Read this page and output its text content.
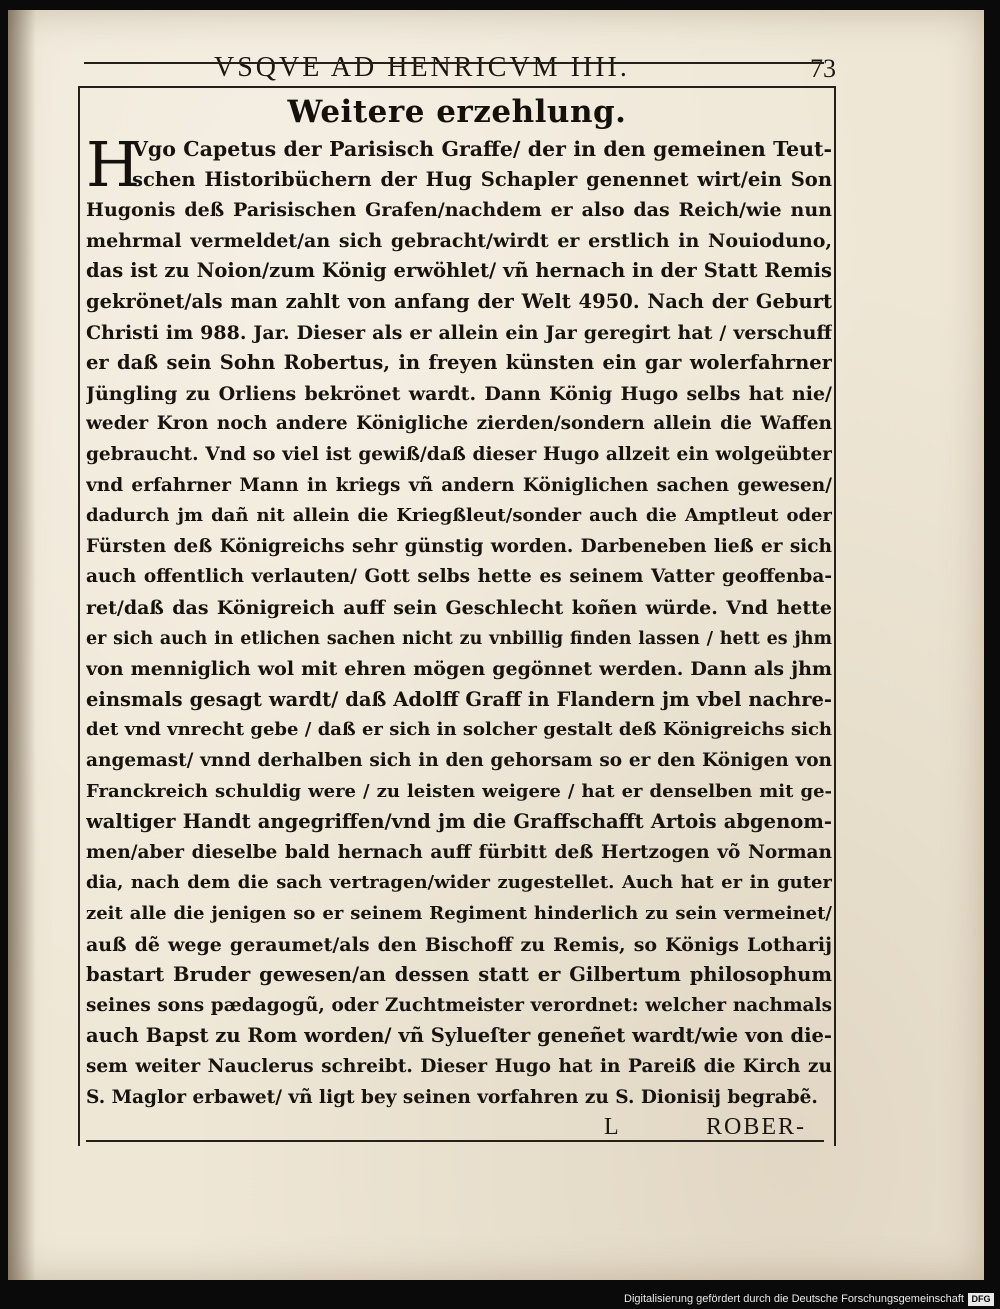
VSQVE AD HENRICVM IIII.	73
Weitere erzehlung.
H
Vgo Capetus der Parisisch Graffe/ der in den gemeinen Teut-
schen Historibüchern der Hug Schapler genennet wirt/ein Son
Hugonis deß Parisischen Grafen/nachdem er also das Reich/wie nun
mehrmal vermeldet/an sich gebracht/wirdt er erstlich in Nouioduno,
das ist zu Noion/zum König erwöhlet/ vñ hernach in der Statt Remis
gekrönet/als man zahlt von anfang der Welt 4950. Nach der Geburt
Christi im 988. Jar. Dieser als er allein ein Jar geregirt hat / verschuff
er daß sein Sohn Robertus, in freyen künsten ein gar wolerfahrner
Jüngling zu Orliens bekrönet wardt. Dann König Hugo selbs hat nie/
weder Kron noch andere Königliche zierden/sondern allein die Waffen
gebraucht. Vnd so viel ist gewiß/daß dieser Hugo allzeit ein wolgeübter
vnd erfahrner Mann in kriegs vñ andern Königlichen sachen gewesen/
dadurch jm dañ nit allein die Kriegßleut/sonder auch die Amptleut oder
Fürsten deß Königreichs sehr günstig worden. Darbeneben ließ er sich
auch offentlich verlauten/ Gott selbs hette es seinem Vatter geoffenba-
ret/daß das Königreich auff sein Geschlecht koñen würde. Vnd hette
er sich auch in etlichen sachen nicht zu vnbillig finden lassen / hett es jhm
von menniglich wol mit ehren mögen gegönnet werden. Dann als jhm
einsmals gesagt wardt/ daß Adolff Graff in Flandern jm vbel nachre-
det vnd vnrecht gebe / daß er sich in solcher gestalt deß Königreichs sich
angemast/ vnnd derhalben sich in den gehorsam so er den Königen von
Franckreich schuldig were / zu leisten weigere / hat er denselben mit ge-
waltiger Handt angegriffen/vnd jm die Graffschafft Artois abgenom-
men/aber dieselbe bald hernach auff fürbitt deß Hertzogen võ Norman
dia, nach dem die sach vertragen/wider zugestellet. Auch hat er in guter
zeit alle die jenigen so er seinem Regiment hinderlich zu sein vermeinet/
auß dẽ wege geraumet/als den Bischoff zu Remis, so Königs Lotharij
bastart Bruder gewesen/an dessen statt er Gilbertum philosophum
seines sons pædagogũ, oder Zuchtmeister verordnet: welcher nachmals
auch Bapst zu Rom worden/ vñ Sylueſter geneñet wardt/wie von die-
sem weiter Nauclerus schreibt. Dieser Hugo hat in Pareiß die Kirch zu
S. Maglor erbawet/ vñ ligt bey seinen vorfahren zu S. Dionisij begrabẽ.
L	ROBER-
Digitalisierung gefördert durch die Deutsche Forschungsgemeinschaft DFG
